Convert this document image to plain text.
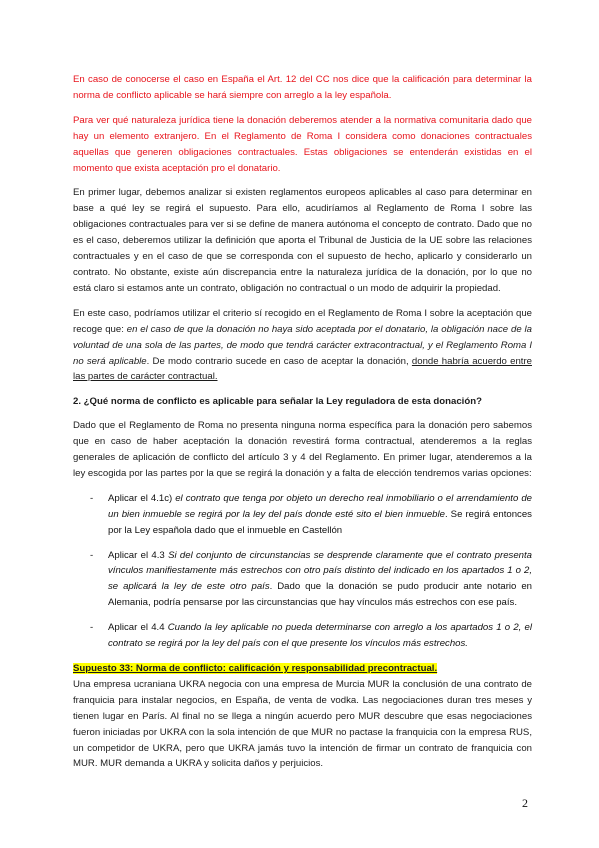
En caso de conocerse el caso en España el Art. 12 del CC nos dice que la calificación para determinar la norma de conflicto aplicable se hará siempre con arreglo a la ley española.

Para ver qué naturaleza jurídica tiene la donación deberemos atender a la normativa comunitaria dado que hay un elemento extranjero. En el Reglamento de Roma I considera como donaciones contractuales aquellas que generen obligaciones contractuales. Estas obligaciones se entenderán existidas en el momento que exista aceptación pro el donatario.

En primer lugar, debemos analizar si existen reglamentos europeos aplicables al caso para determinar en base a qué ley se regirá el supuesto. Para ello, acudiríamos al Reglamento de Roma I sobre las obligaciones contractuales para ver si se define de manera autónoma el concepto de contrato. Dado que no es el caso, deberemos utilizar la definición que aporta el Tribunal de Justicia de la UE sobre las relaciones contractuales y en el caso de que se corresponda con el supuesto de hecho, aplicarlo y considerarlo un contrato. No obstante, existe aún discrepancia entre la naturaleza jurídica de la donación, por lo que no está claro si estamos ante un contrato, obligación no contractual o un modo de adquirir la propiedad.

En este caso, podríamos utilizar el criterio sí recogido en el Reglamento de Roma I sobre la aceptación que recoge que: en el caso de que la donación no haya sido aceptada por el donatario, la obligación nace de la voluntad de una sola de las partes, de modo que tendrá carácter extracontractual, y el Reglamento Roma I no será aplicable. De modo contrario sucede en caso de aceptar la donación, donde habría acuerdo entre las partes de carácter contractual.

2. ¿Qué norma de conflicto es aplicable para señalar la Ley reguladora de esta donación?

Dado que el Reglamento de Roma no presenta ninguna norma específica para la donación pero sabemos que en caso de haber aceptación la donación revestirá forma contractual, atenderemos a la reglas generales de aplicación de conflicto del artículo 3 y 4 del Reglamento. En primer lugar, atenderemos a la ley escogida por las partes por la que se regirá la donación y a falta de elección tendremos varias opciones:

- Aplicar el 4.1c) el contrato que tenga por objeto un derecho real inmobiliario o el arrendamiento de un bien inmueble se regirá por la ley del país donde esté sito el bien inmueble. Se regirá entonces por la Ley española dado que el inmueble en Castellón
- Aplicar el 4.3 Si del conjunto de circunstancias se desprende claramente que el contrato presenta vínculos manifiestamente más estrechos con otro país distinto del indicado en los apartados 1 o 2, se aplicará la ley de este otro país. Dado que la donación se pudo producir ante notario en Alemania, podría pensarse por las circunstancias que hay vínculos más estrechos con ese país.
- Aplicar el 4.4 Cuando la ley aplicable no pueda determinarse con arreglo a los apartados 1 o 2, el contrato se regirá por la ley del país con el que presente los vínculos más estrechos.

Supuesto 33: Norma de conflicto: calificación y responsabilidad precontractual.

Una empresa ucraniana UKRA negocia con una empresa de Murcia MUR la conclusión de una contrato de franquicia para instalar negocios, en España, de venta de vodka. Las negociaciones duran tres meses y tienen lugar en París. Al final no se llega a ningún acuerdo pero MUR descubre que esas negociaciones fueron iniciadas por UKRA con la sola intención de que MUR no pactase la franquicia con la empresa RUS, un competidor de UKRA, pero que UKRA jamás tuvo la intención de firmar un contrato de franquicia con MUR. MUR demanda a UKRA y solicita daños y perjuicios.

2
